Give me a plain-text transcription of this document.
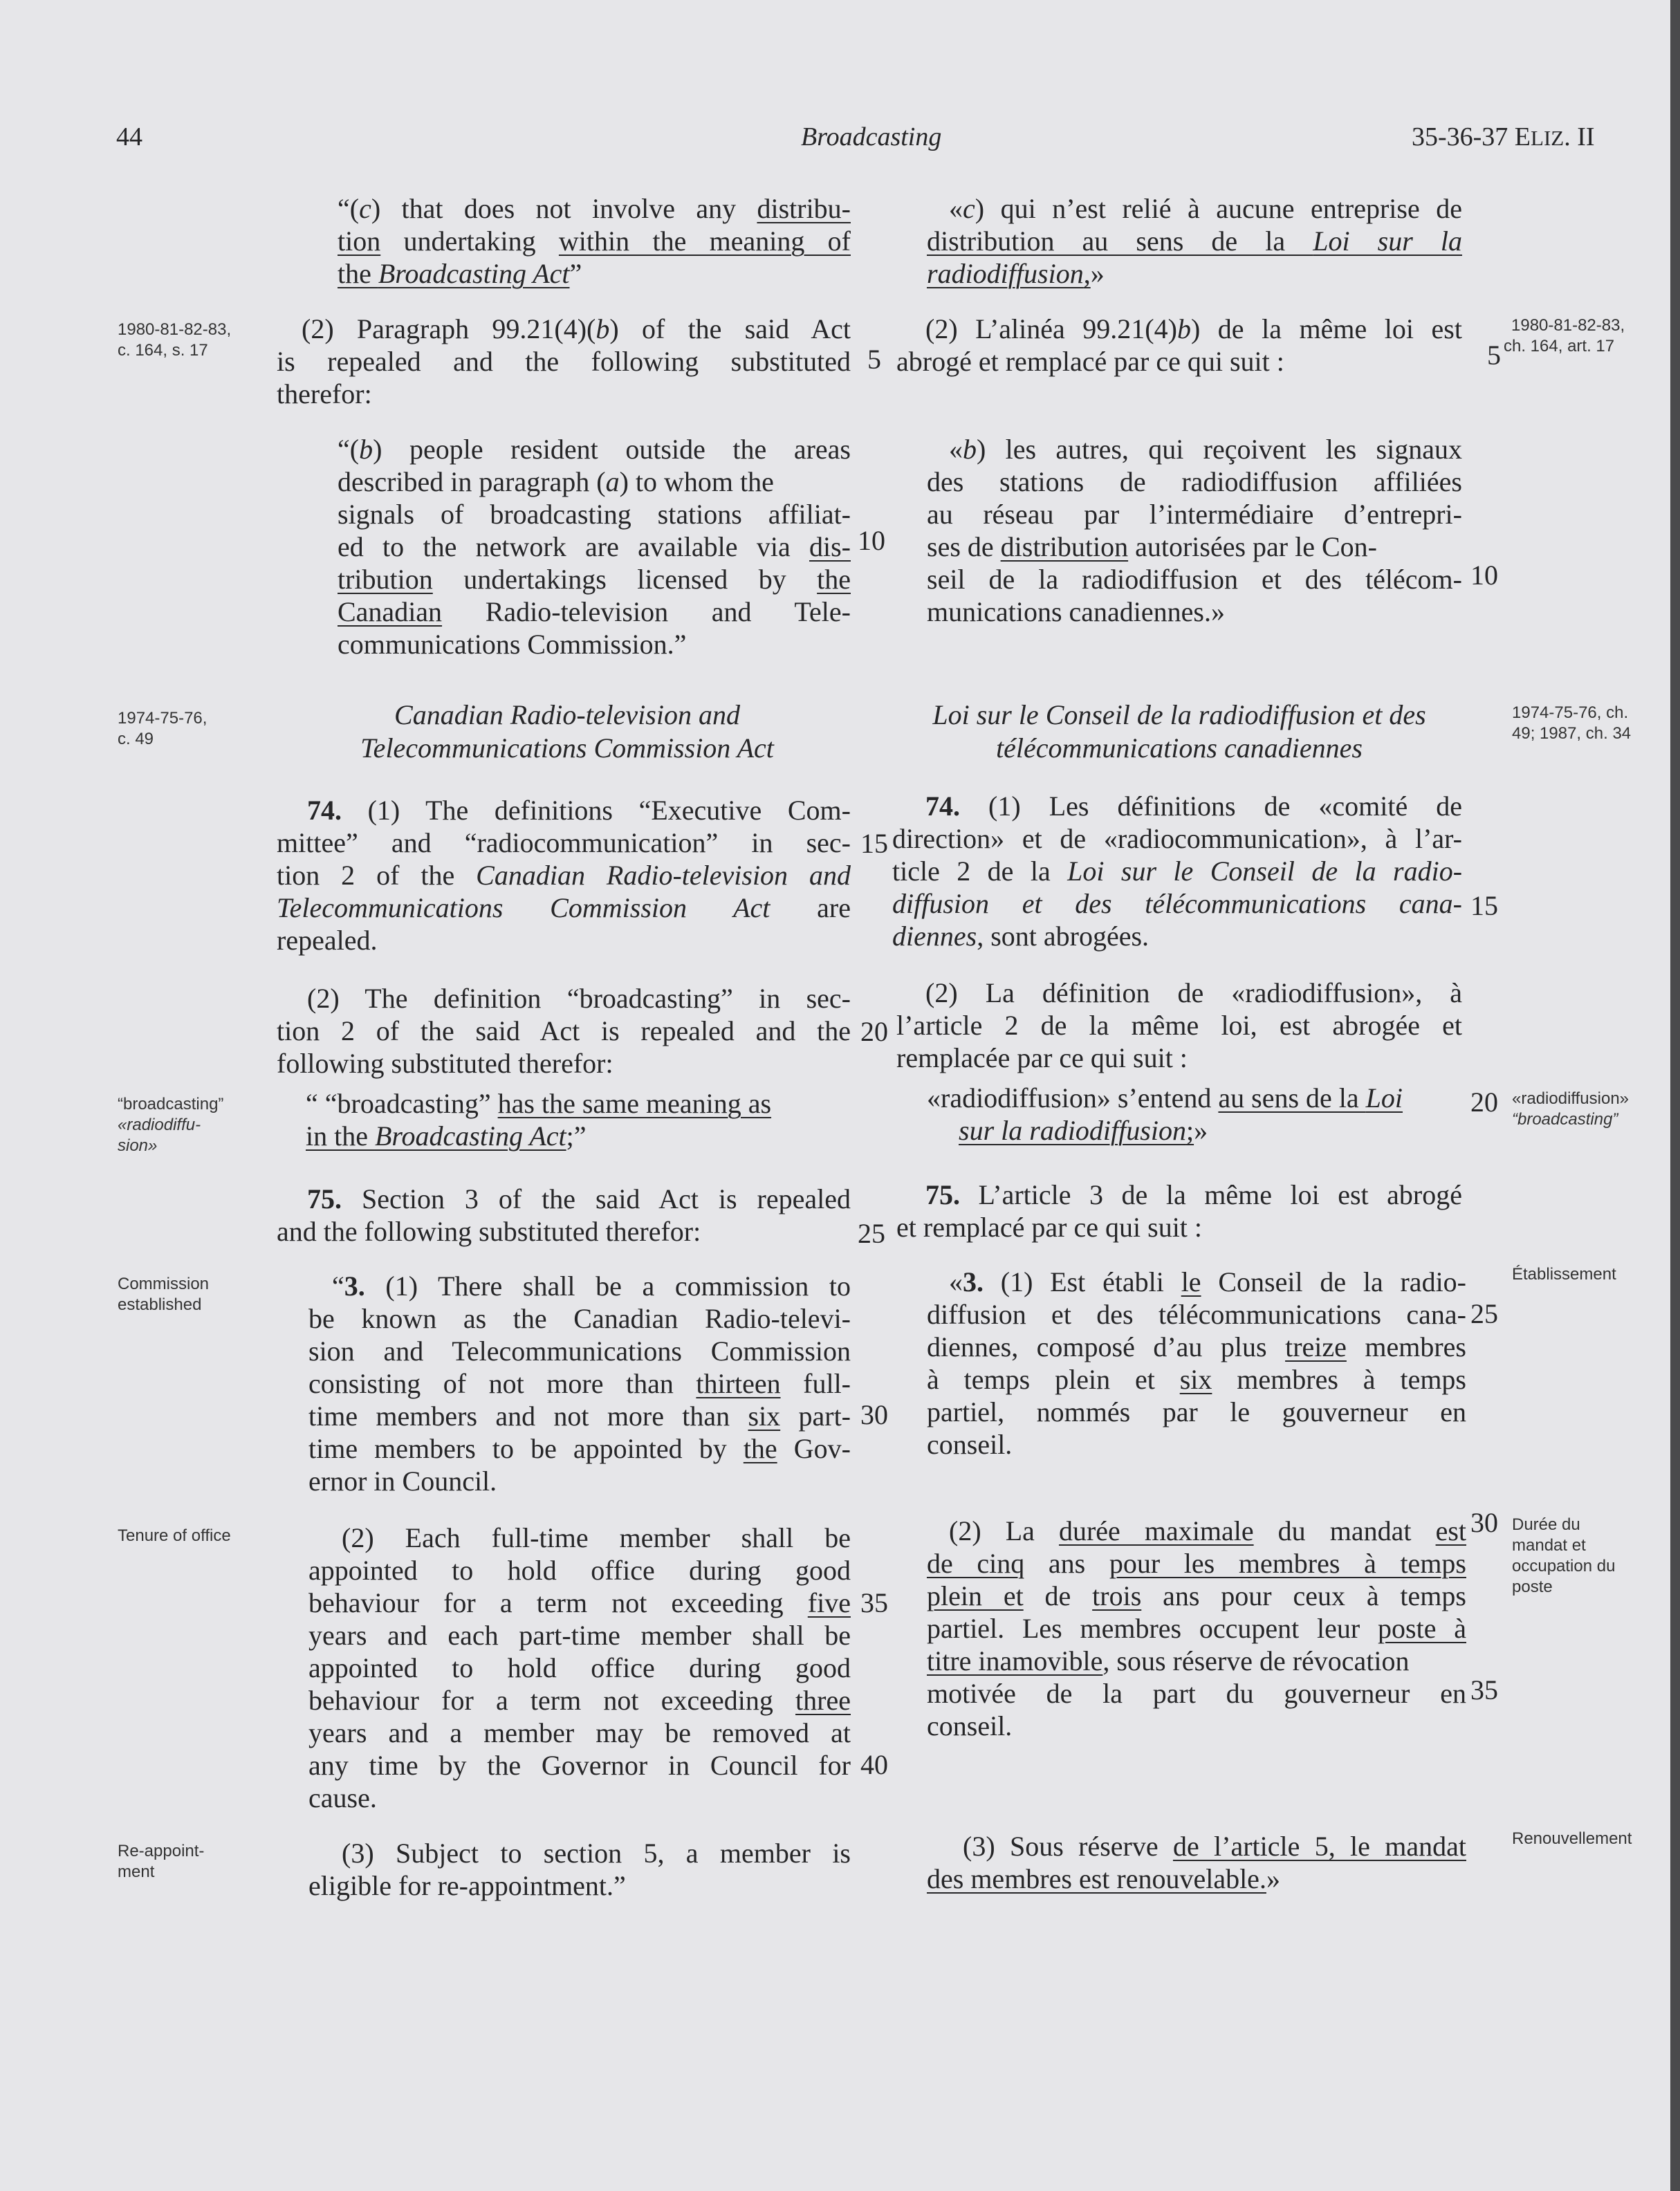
44	Broadcasting	35-36-37 ELIZ. II
1980-81-82-83,
c. 164, s. 17
1974-75-76,
c. 49
“broadcasting”
«radiodiffu-
sion»
Commission
established
Tenure of office
Re-appoint-
ment
1980-81-82-83,
5 ch. 164, art. 17
1974-75-76, ch.
49; 1987, ch. 34
«radiodiffusion»
“broadcasting”
Établissement
Durée du
mandat et
occupation du
poste
Renouvellement
5
10
15
20
25
30
35
40
10
15
20
25
30
35

“(c) that does not involve any distribu-

tion undertaking within the meaning of

the Broadcasting Act”

(2) Paragraph 99.21(4)(b) of the said Act

is repealed and the following substituted

therefor:

“(b) people resident outside the areas

described in paragraph (a) to whom the

signals of broadcasting stations affiliat-

ed to the network are available via dis-

tribution undertakings licensed by the

Canadian Radio-television and Tele-

communications Commission.”

Canadian Radio-television and
Telecommunications Commission Act

74. (1) The definitions “Executive Com-

mittee” and “radiocommunication” in sec-

tion 2 of the Canadian Radio-television and

Telecommunications Commission Act are

repealed.

(2) The definition “broadcasting” in sec-

tion 2 of the said Act is repealed and the

following substituted therefor:

“ “broadcasting” has the same meaning as

in the Broadcasting Act;”

75. Section 3 of the said Act is repealed

and the following substituted therefor:

“3. (1) There shall be a commission to

be known as the Canadian Radio-televi-

sion and Telecommunications Commission

consisting of not more than thirteen full-

time members and not more than six part-

time members to be appointed by the Gov-

ernor in Council.

(2) Each full-time member shall be

appointed to hold office during good

behaviour for a term not exceeding five

years and each part-time member shall be

appointed to hold office during good

behaviour for a term not exceeding three

years and a member may be removed at

any time by the Governor in Council for

cause.

(3) Subject to section 5, a member is

eligible for re-appointment.”

«c) qui n’est relié à aucune entreprise de

distribution au sens de la Loi sur la

radiodiffusion,»

(2) L’alinéa 99.21(4)b) de la même loi est

abrogé et remplacé par ce qui suit :

«b) les autres, qui reçoivent les signaux

des stations de radiodiffusion affiliées

au réseau par l’intermédiaire d’entrepri-

ses de distribution autorisées par le Con-

seil de la radiodiffusion et des télécom-

munications canadiennes.»

Loi sur le Conseil de la radiodiffusion et des
télécommunications canadiennes

74. (1) Les définitions de «comité de

direction» et de «radiocommunication», à l’ar-

ticle 2 de la Loi sur le Conseil de la radio-

diffusion et des télécommunications cana-

diennes, sont abrogées.

(2) La définition de «radiodiffusion», à

l’article 2 de la même loi, est abrogée et

remplacée par ce qui suit :

«radiodiffusion» s’entend au sens de la Loi

sur la radiodiffusion;»

75. L’article 3 de la même loi est abrogé

et remplacé par ce qui suit :

«3. (1) Est établi le Conseil de la radio-

diffusion et des télécommunications cana-

diennes, composé d’au plus treize membres

à temps plein et six membres à temps

partiel, nommés par le gouverneur en

conseil.

(2) La durée maximale du mandat est

de cinq ans pour les membres à temps

plein et de trois ans pour ceux à temps

partiel. Les membres occupent leur poste à

titre inamovible, sous réserve de révocation

motivée de la part du gouverneur en

conseil.

(3) Sous réserve de l’article 5, le mandat

des membres est renouvelable.»
